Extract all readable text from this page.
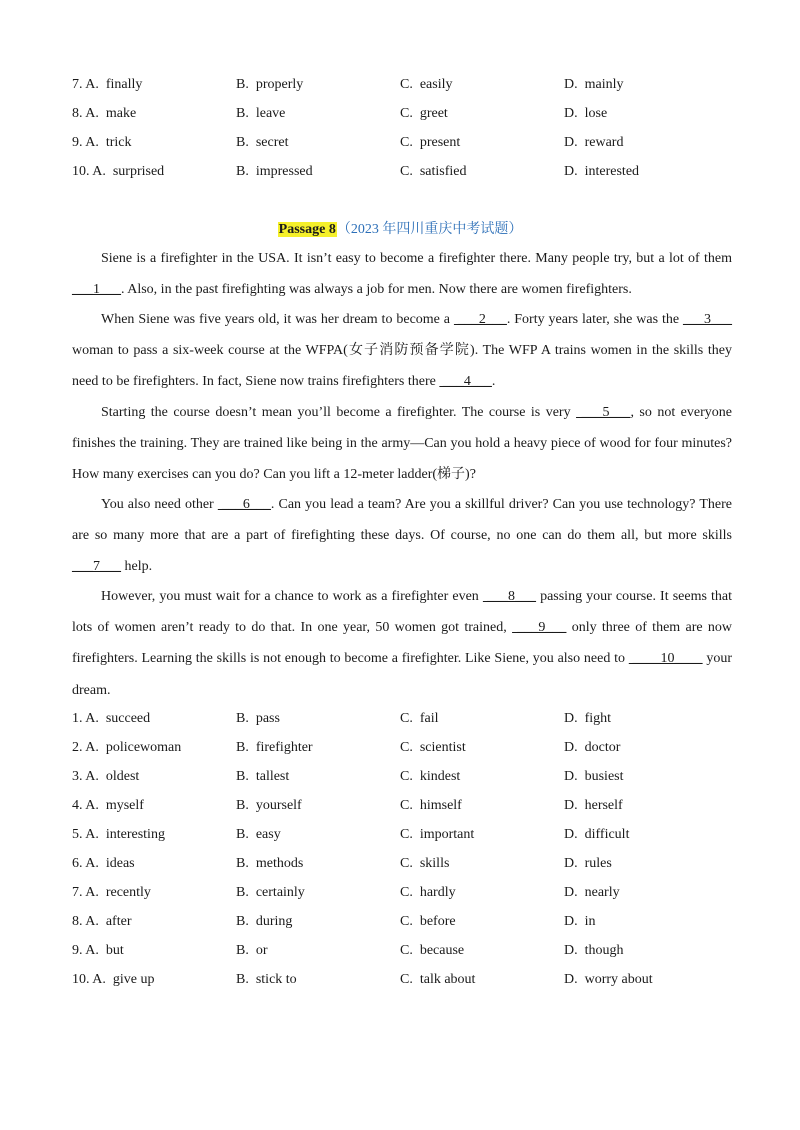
7. A. finally	B.  properly	C.  easily	D.  mainly
8. A. make	B.  leave	C.  greet	D.  lose
9. A. trick	B.  secret	C.  present	D.  reward
10. A. surprised	B.  impressed	C.  satisfied	D.  interested
Passage 8（2023 年四川重庆中考试题）

Siene is a firefighter in the USA. It isn’t easy to become a firefighter there. Many people try, but a lot of them ___1___. Also, in the past firefighting was always a job for men. Now there are women firefighters.

When Siene was five years old, it was her dream to become a  ___2___. Forty years later, she was the ___3___ woman to pass a six-week course at the WFPA(女子消防预备学院). The WFP A trains women in the skills they need to be firefighters. In fact, Siene now trains firefighters there  ___4___.

Starting the course doesn’t mean you’ll become a firefighter. The course is very  ___5___, so not everyone finishes the training. They are trained like being in the army—Can you hold a heavy piece of wood for four minutes? How many exercises can you do? Can you lift a 12-meter ladder(梯子)?

You also need other  ___6___. Can you lead a team? Are you a skillful driver? Can you use technology? There are so many more that are a part of firefighting these days. Of course, no one can do them all, but more skills ___7___ help.

However, you must wait for a chance to work as a firefighter even  ___8___ passing your course. It seems that lots of women aren’t ready to do that. In one year, 50 women got trained,  ___9___ only three of them are now firefighters. Learning the skills is not enough to become a firefighter. Like Siene, you also need to  ____10____ your dream.

1. A. succeed	B.  pass	C.  fail	D.  fight
2. A. policewoman	B.  firefighter	C.  scientist	D.  doctor
3. A. oldest	B.  tallest	C.  kindest	D.  busiest
4. A. myself	B.  yourself	C.  himself	D.  herself
5. A. interesting	B.  easy	C.  important	D.  difficult
6. A. ideas	B.  methods	C.  skills	D.  rules
7. A. recently	B.  certainly	C.  hardly	D.  nearly
8. A. after	B.  during	C.  before	D.  in
9. A. but	B.  or	C.  because	D.  though
10. A. give up	B.  stick to	C.  talk about	D.  worry about
